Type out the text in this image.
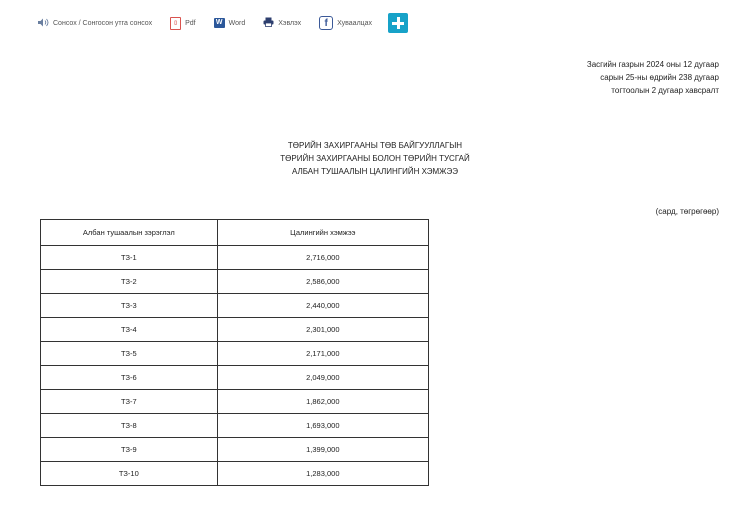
Сонсох / Сонгосон утга сонсох	▯	Pdf	W Word	Хэвлэх	f	Хуваалцах
Засгийн газрын 2024 оны 12 дугаар
сарын 25-ны өдрийн 238 дугаар
тогтоолын 2 дугаар хавсралт
ТӨРИЙН ЗАХИРГААНЫ ТӨВ БАЙГУУЛЛАГЫН
ТӨРИЙН ЗАХИРГААНЫ БОЛОН ТӨРИЙН ТУСГАЙ
АЛБАН ТУШААЛЫН ЦАЛИНГИЙН ХЭМЖЭЭ
(сард, төгрөгөөр)
Албан тушаалын зэрэглэл	Цалингийн хэмжээ
ТЗ-1	2,716,000
ТЗ-2	2,586,000
ТЗ-3	2,440,000
ТЗ-4	2,301,000
ТЗ-5	2,171,000
ТЗ-6	2,049,000
ТЗ-7	1,862,000
ТЗ-8	1,693,000
ТЗ-9	1,399,000
ТЗ-10	1,283,000
